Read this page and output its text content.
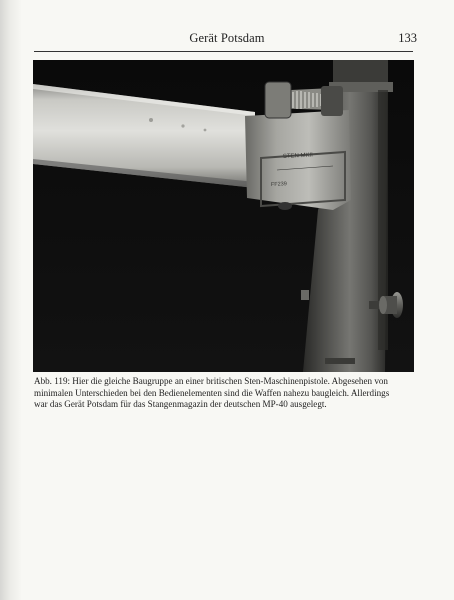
Gerät Potsdam	133
STEN MKII
FF239
Abb. 119: Hier die gleiche Baugruppe an einer britischen Sten-Maschinenpistole. Abgesehen von
minimalen Unterschieden bei den Bedienelementen sind die Waffen nahezu baugleich. Allerdings
war das Gerät Potsdam für das Stangenmagazin der deutschen MP-40 ausgelegt.
